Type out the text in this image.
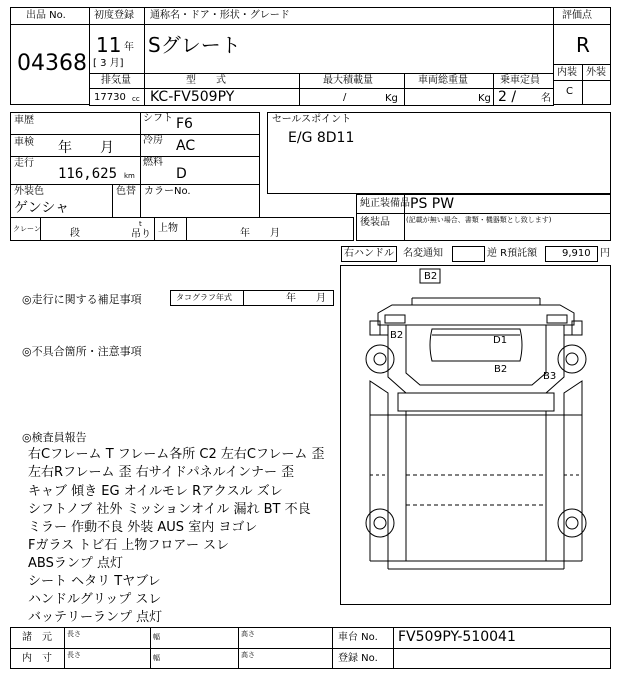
出品 No.
04368
初度登録 通称名・ドア・形状・グレード
11 年
[ 3 月]
Sグレート
評価点
R
内装 外装
C
排気量	型　　式	最大積載量	車両総重量	乗車定員
17730 cc KC-FV509PY	/	Kg	Kg 2 / 名
車歴	シフト F6
車検 年　　月	冷房 AC
走行
116,625 km
燃料
D
外装色
ゲンシャ
色替 カラーNo.
クレーン	段
t
吊り
上物	年　　月
セールスポイント
E/G 8D11
純正装備品 PS PW
後装品 (記載が無い場合、書類・機器類とし致します)
右ハンドル 名変通知	逆 R預託額 9,910 円
◎走行に関する補足事項	タコグラフ年式	年　　月
◎不具合箇所・注意事項
◎検査員報告
右Cフレーム T フレーム各所 C2 左右Cフレーム 歪
左右Rフレーム 歪 右サイドパネルインナー 歪
キャブ 傾き EG オイルモレ Rアクスル ズレ
シフトノブ 社外 ミッションオイル 漏れ BT 不良
ミラー 作動不良 外装 AUS 室内 ヨゴレ
Fガラス トビ石 上物フロアー スレ
ABSランプ 点灯
シート ヘタリ Tヤブレ
ハンドルグリップ スレ
バッテリーランプ 点灯
B2
B2	D1
B2
B3
諸　元
内　寸
長さ	幅	高さ
長さ	幅	高さ
車台 No. FV509PY-510041
登録 No.
